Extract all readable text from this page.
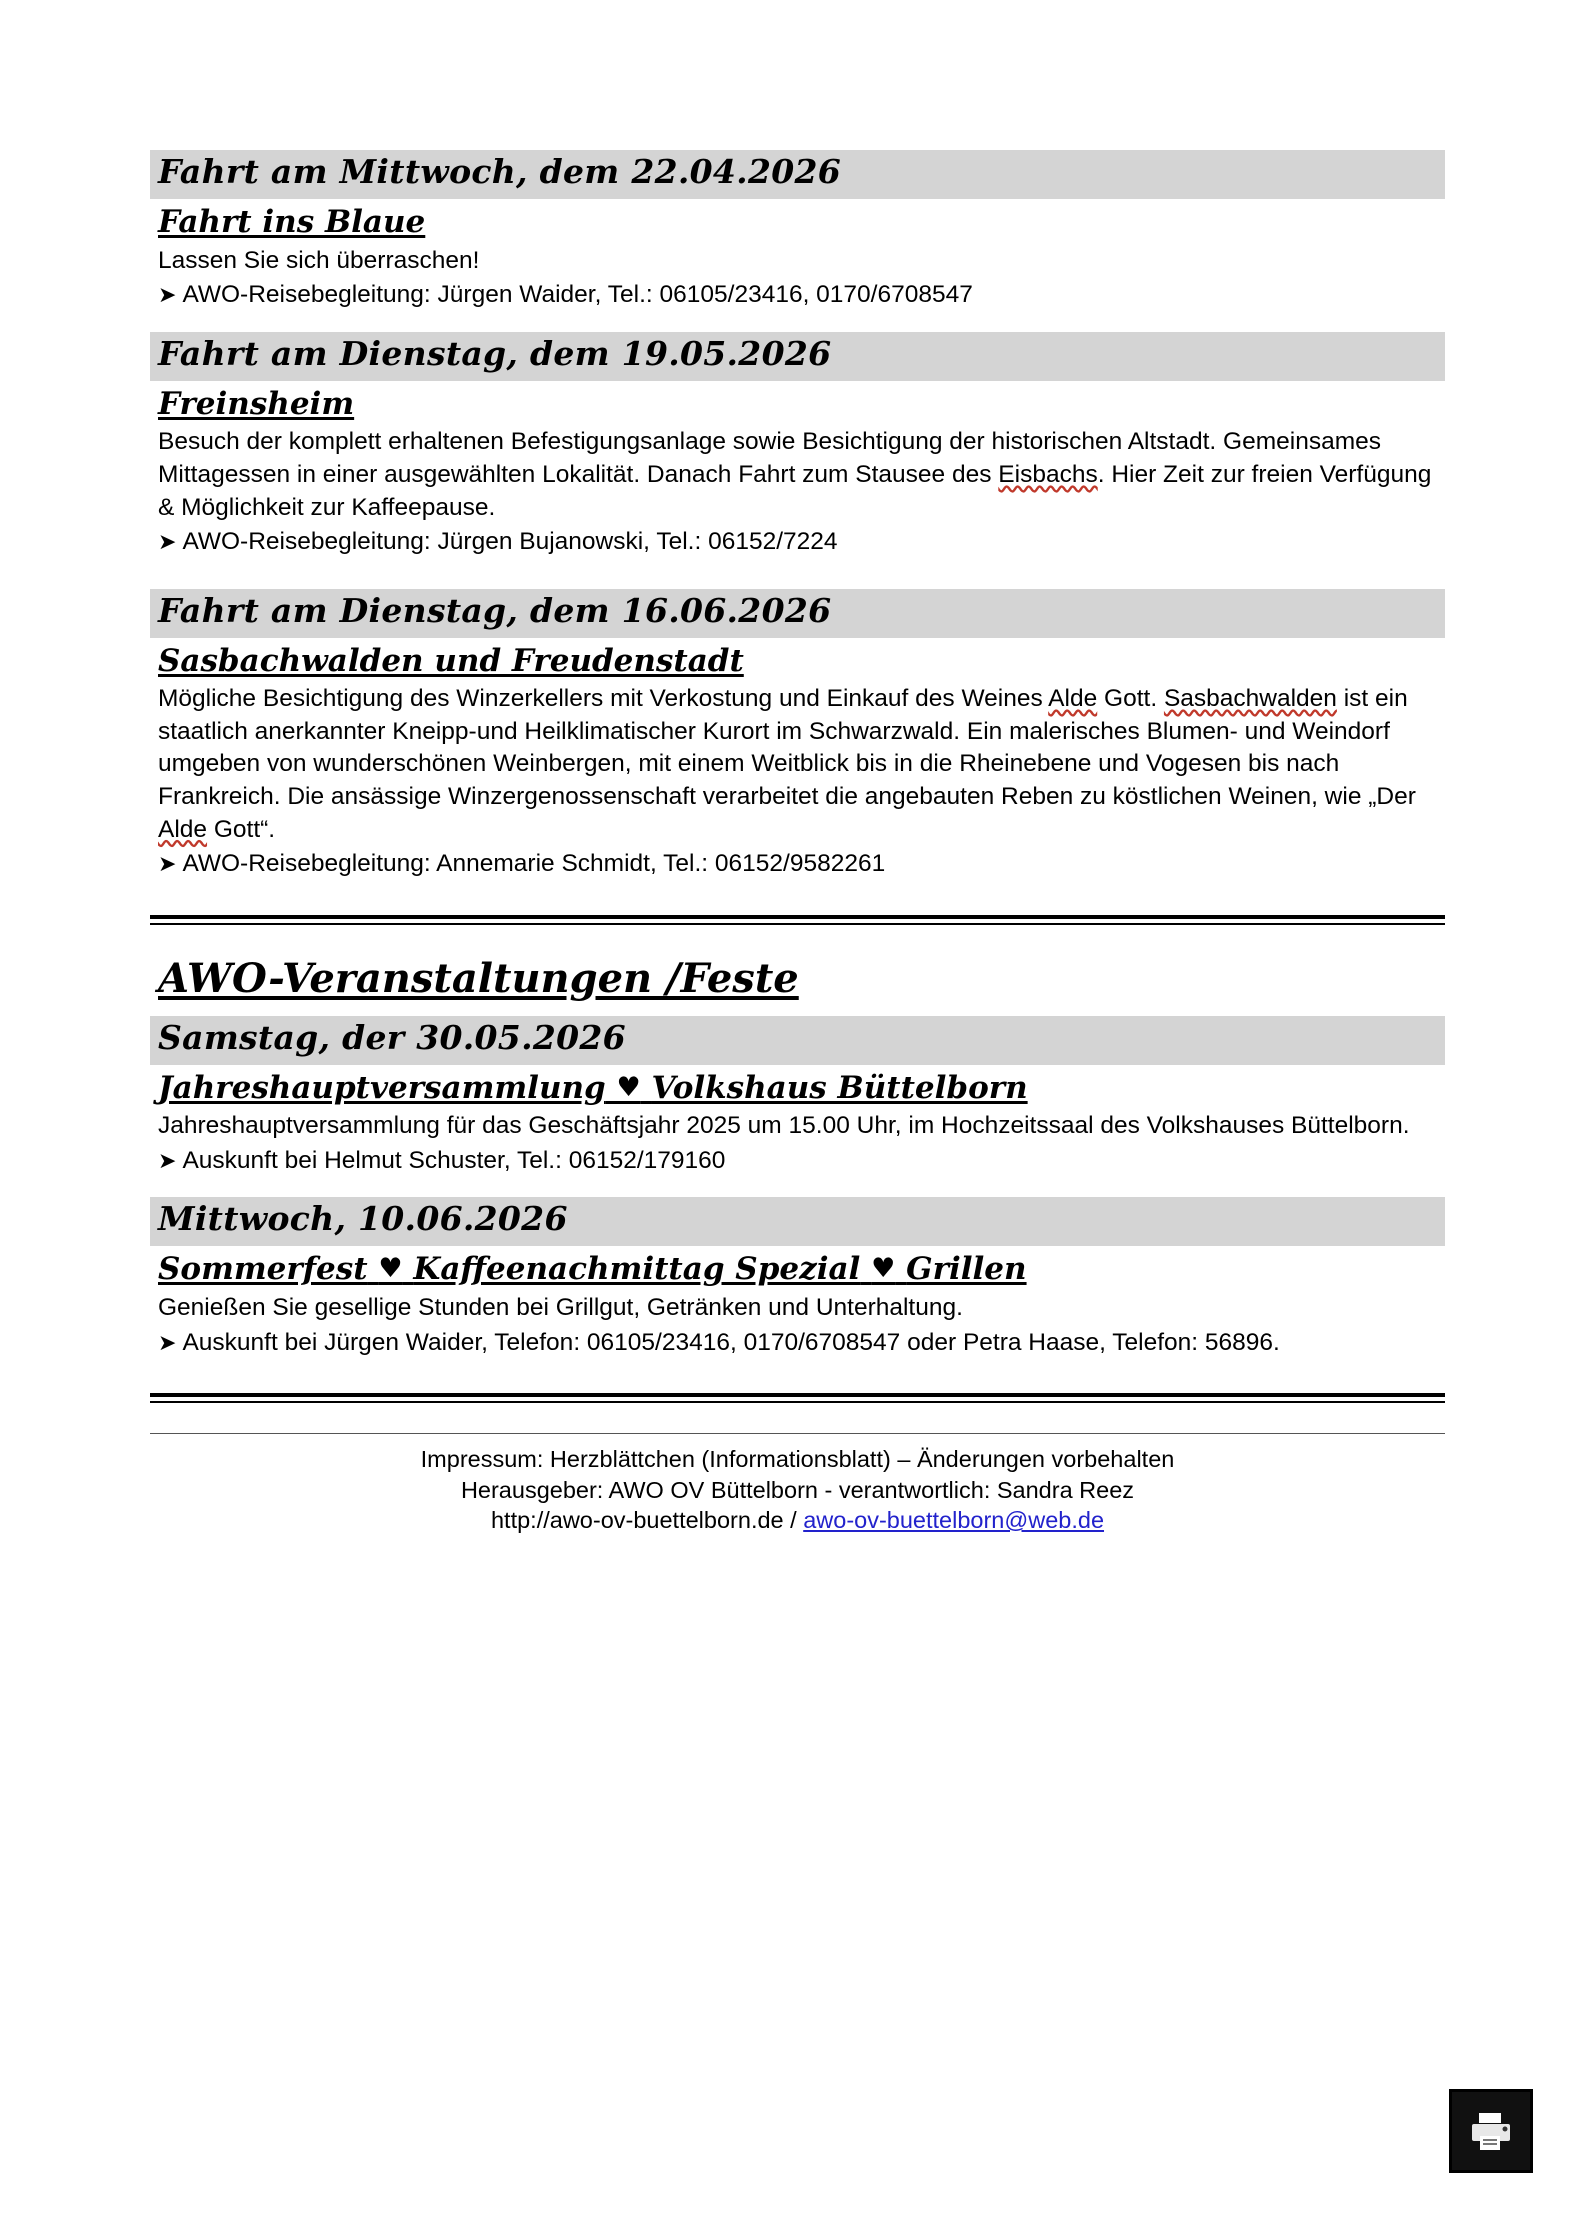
Fahrt am Mittwoch, dem 22.04.2026
Fahrt ins Blaue
Lassen Sie sich überraschen!
➤ AWO-Reisebegleitung: Jürgen Waider, Tel.: 06105/23416, 0170/6708547
Fahrt am Dienstag, dem 19.05.2026
Freinsheim
Besuch der komplett erhaltenen Befestigungsanlage sowie Besichtigung der historischen Altstadt. Gemeinsames Mittagessen in einer ausgewählten Lokalität. Danach Fahrt zum Stausee des Eisbachs. Hier Zeit zur freien Verfügung & Möglichkeit zur Kaffeepause.
➤ AWO-Reisebegleitung: Jürgen Bujanowski, Tel.: 06152/7224
Fahrt am Dienstag, dem 16.06.2026
Sasbachwalden und Freudenstadt
Mögliche Besichtigung des Winzerkellers mit Verkostung und Einkauf des Weines Alde Gott. Sasbachwalden ist ein staatlich anerkannter Kneipp-und Heilklimatischer Kurort im Schwarzwald. Ein malerisches Blumen- und Weindorf umgeben von wunderschönen Weinbergen, mit einem Weitblick bis in die Rheinebene und Vogesen bis nach Frankreich. Die ansässige Winzergenossenschaft verarbeitet die angebauten Reben zu köstlichen Weinen, wie „Der Alde Gott“.
➤ AWO-Reisebegleitung: Annemarie Schmidt, Tel.: 06152/9582261
AWO-Veranstaltungen /Feste
Samstag, der 30.05.2026
Jahreshauptversammlung ♥ Volkshaus Büttelborn
Jahreshauptversammlung für das Geschäftsjahr 2025 um 15.00 Uhr, im Hochzeitssaal des Volkshauses Büttelborn.
➤ Auskunft bei Helmut Schuster, Tel.: 06152/179160
Mittwoch, 10.06.2026
Sommerfest ♥ Kaffeenachmittag Spezial ♥ Grillen
Genießen Sie gesellige Stunden bei Grillgut, Getränken und Unterhaltung.
➤ Auskunft bei Jürgen Waider, Telefon: 06105/23416, 0170/6708547 oder Petra Haase, Telefon: 56896.
Impressum: Herzblättchen (Informationsblatt) – Änderungen vorbehalten
Herausgeber: AWO OV Büttelborn - verantwortlich: Sandra Reez
http://awo-ov-buettelborn.de / awo-ov-buettelborn@web.de
